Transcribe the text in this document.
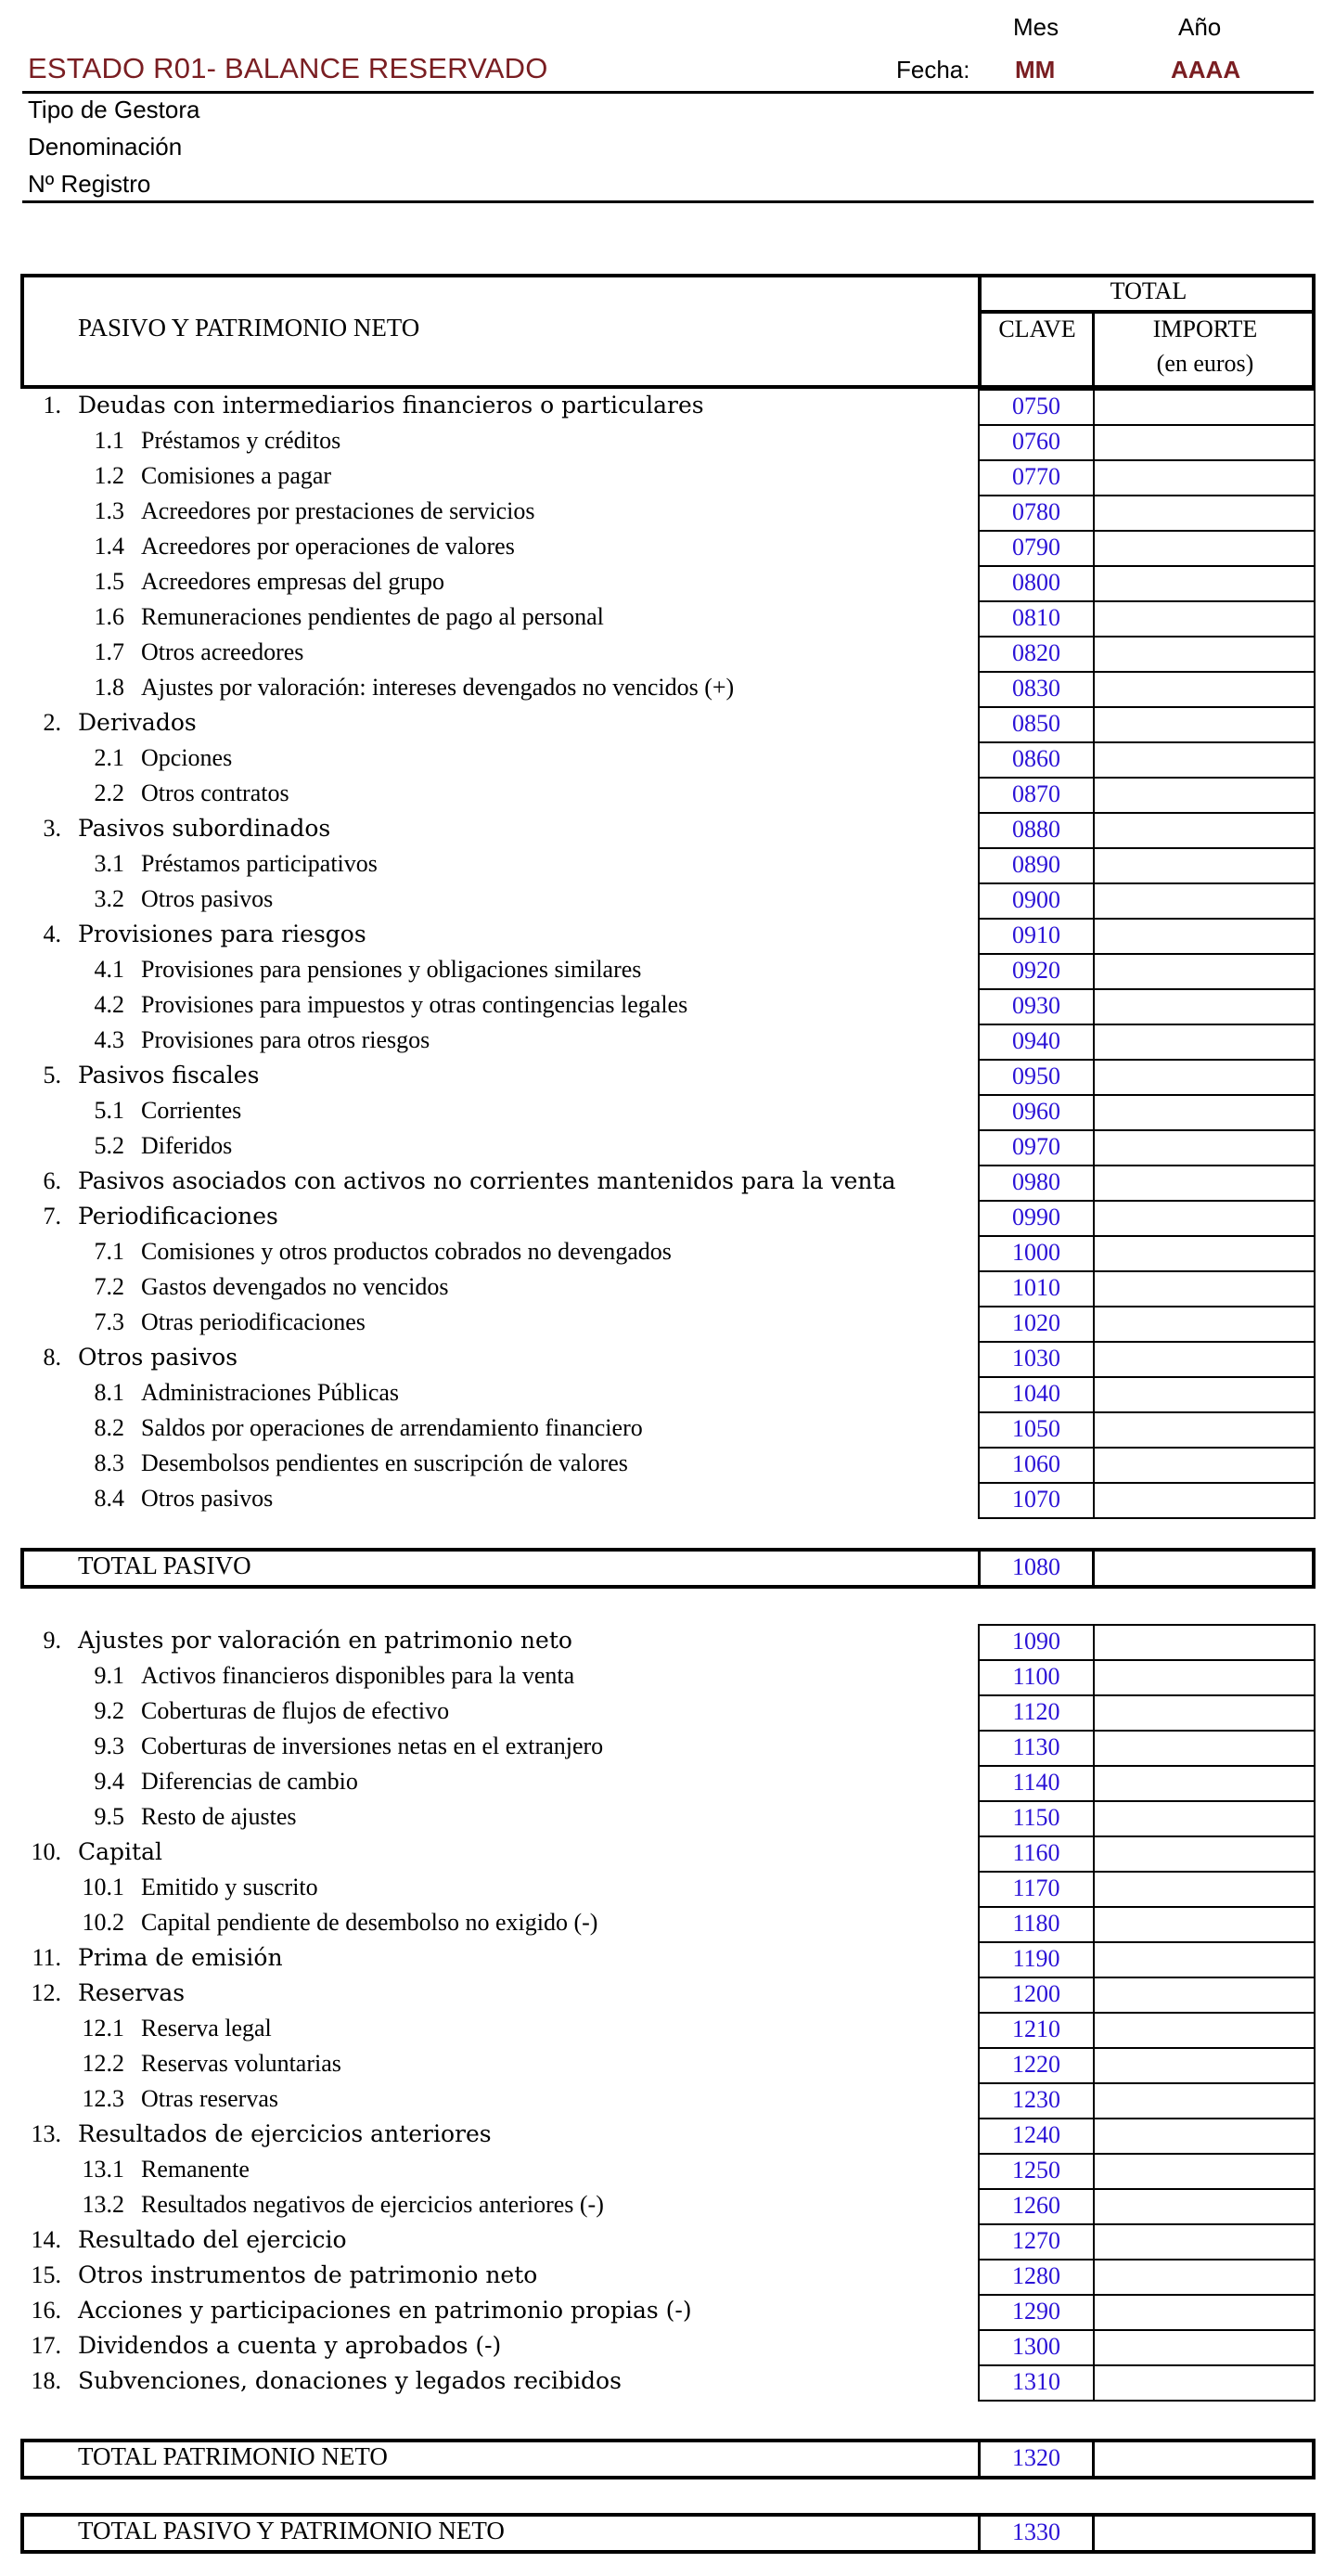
ESTADO R01- BALANCE RESERVADO
Mes	Año
Fecha: MM	AAAA
Tipo de Gestora
Denominación
Nº Registro
PASIVO Y PATRIMONIO NETO
TOTAL
CLAVE	IMPORTE
(en euros)
1. Deudas con intermediarios financieros o particulares	0750
1.1 Préstamos y créditos	0760
1.2 Comisiones a pagar	0770
1.3 Acreedores por prestaciones de servicios	0780
1.4 Acreedores por operaciones de valores	0790
1.5 Acreedores empresas del grupo	0800
1.6 Remuneraciones pendientes de pago al personal	0810
1.7 Otros acreedores	0820
1.8 Ajustes por valoración: intereses devengados no vencidos (+)	0830
2. Derivados	0850
2.1 Opciones	0860
2.2 Otros contratos	0870
3. Pasivos subordinados	0880
3.1 Préstamos participativos	0890
3.2 Otros pasivos	0900
4. Provisiones para riesgos	0910
4.1 Provisiones para pensiones y obligaciones similares	0920
4.2 Provisiones para impuestos y otras contingencias legales	0930
4.3 Provisiones para otros riesgos	0940
5. Pasivos fiscales	0950
5.1 Corrientes	0960
5.2 Diferidos	0970
6. Pasivos asociados con activos no corrientes mantenidos para la venta	0980
7. Periodificaciones	0990
7.1 Comisiones y otros productos cobrados no devengados	1000
7.2 Gastos devengados no vencidos	1010
7.3 Otras periodificaciones	1020
8. Otros pasivos	1030
8.1 Administraciones Públicas	1040
8.2 Saldos por operaciones de arrendamiento financiero	1050
8.3 Desembolsos pendientes en suscripción de valores	1060
8.4 Otros pasivos	1070
TOTAL PASIVO	1080
9. Ajustes por valoración en patrimonio neto	1090
9.1 Activos financieros disponibles para la venta	1100
9.2 Coberturas de flujos de efectivo	1120
9.3 Coberturas de inversiones netas en el extranjero	1130
9.4 Diferencias de cambio	1140
9.5 Resto de ajustes	1150
10. Capital	1160
10.1 Emitido y suscrito	1170
10.2 Capital pendiente de desembolso no exigido (-)	1180
11. Prima de emisión	1190
12. Reservas	1200
12.1 Reserva legal	1210
12.2 Reservas voluntarias	1220
12.3 Otras reservas	1230
13. Resultados de ejercicios anteriores	1240
13.1 Remanente	1250
13.2 Resultados negativos de ejercicios anteriores (-)	1260
14. Resultado del ejercicio	1270
15. Otros instrumentos de patrimonio neto	1280
16. Acciones y participaciones en patrimonio propias (-)	1290
17. Dividendos a cuenta y aprobados (-)	1300
18. Subvenciones, donaciones y legados recibidos	1310
TOTAL PATRIMONIO NETO	1320
TOTAL PASIVO Y PATRIMONIO NETO	1330
